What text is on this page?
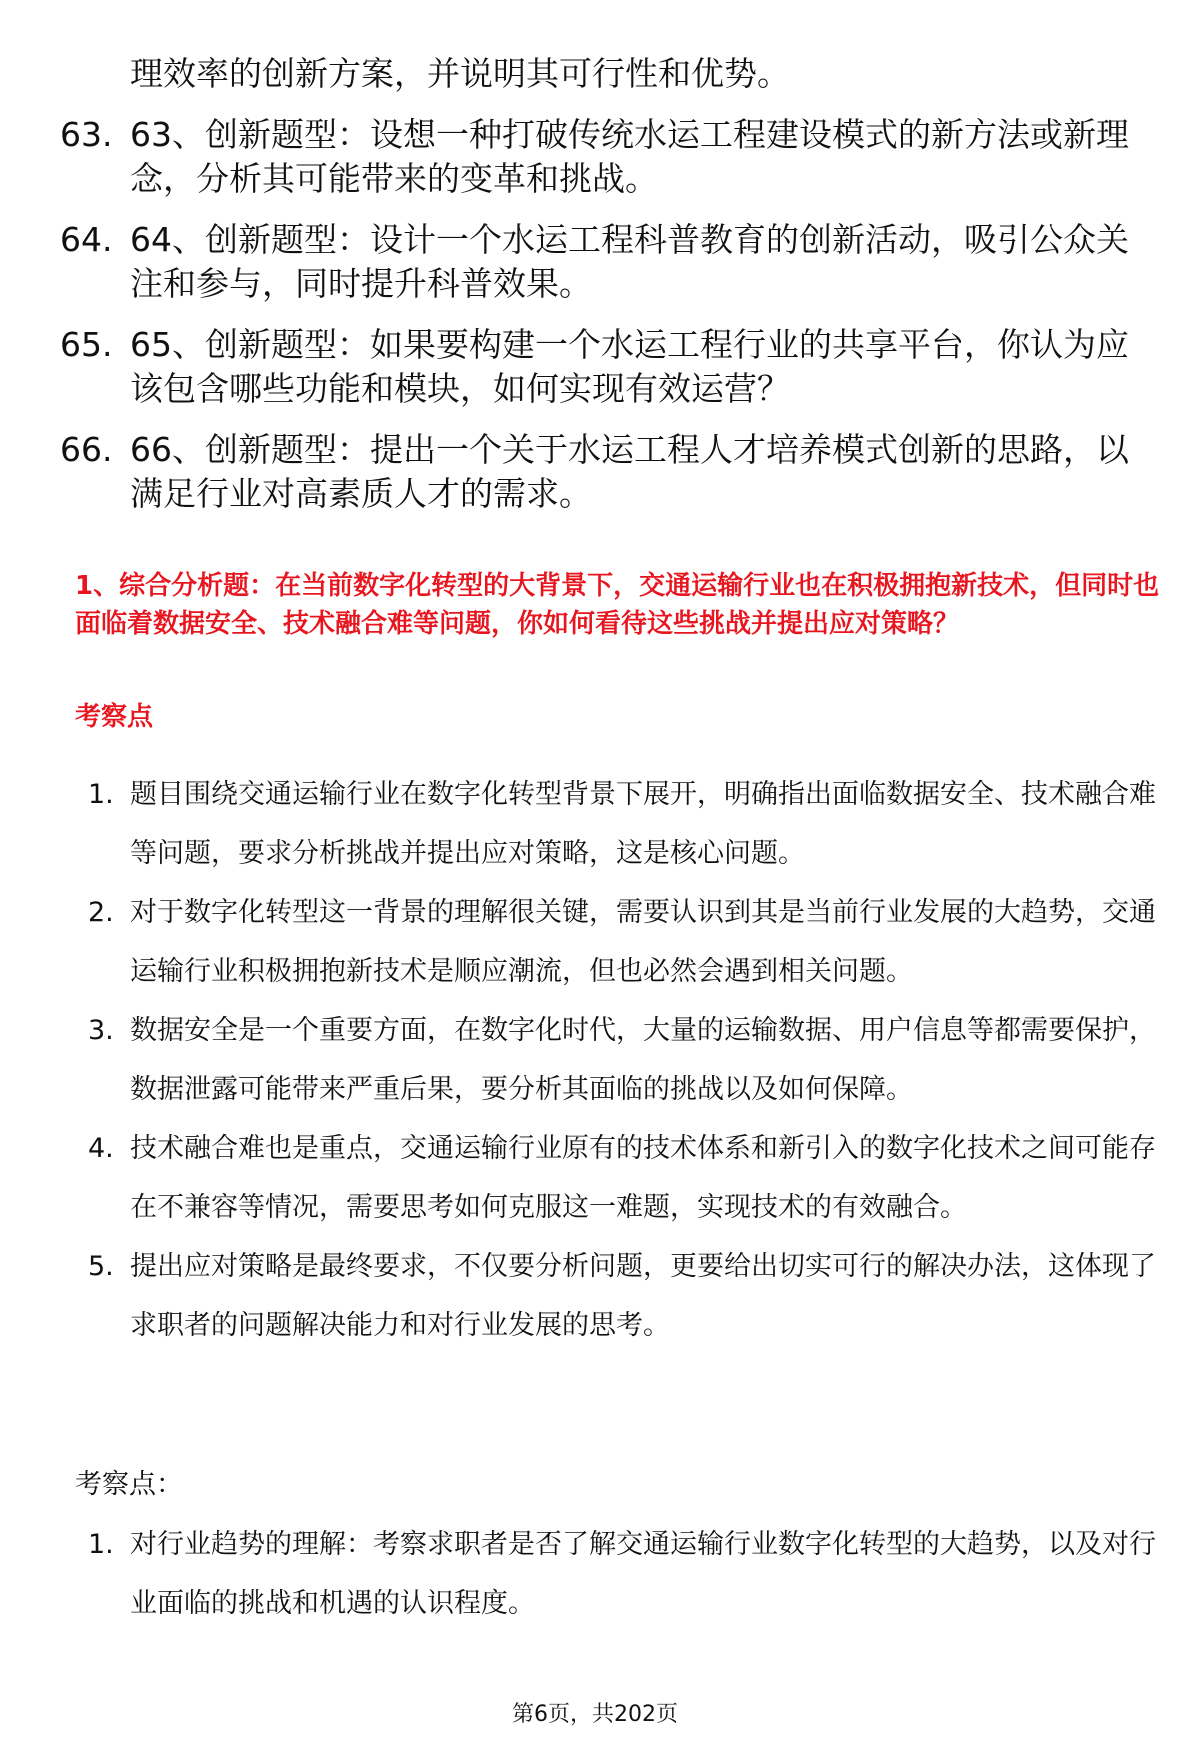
理效率的创新方案，并说明其可行性和优势。
63. 63、创新题型：设想一种打破传统水运工程建设模式的新方法或新理念，分析其可能带来的变革和挑战。
64. 64、创新题型：设计一个水运工程科普教育的创新活动，吸引公众关注和参与，同时提升科普效果。
65. 65、创新题型：如果要构建一个水运工程行业的共享平台，你认为应该包含哪些功能和模块，如何实现有效运营？
66. 66、创新题型：提出一个关于水运工程人才培养模式创新的思路，以满足行业对高素质人才的需求。
1、综合分析题：在当前数字化转型的大背景下，交通运输行业也在积极拥抱新技术，但同时也面临着数据安全、技术融合难等问题，你如何看待这些挑战并提出应对策略？
考察点
1. 题目围绕交通运输行业在数字化转型背景下展开，明确指出面临数据安全、技术融合难等问题，要求分析挑战并提出应对策略，这是核心问题。
2. 对于数字化转型这一背景的理解很关键，需要认识到其是当前行业发展的大趋势，交通运输行业积极拥抱新技术是顺应潮流，但也必然会遇到相关问题。
3. 数据安全是一个重要方面，在数字化时代，大量的运输数据、用户信息等都需要保护，数据泄露可能带来严重后果，要分析其面临的挑战以及如何保障。
4. 技术融合难也是重点，交通运输行业原有的技术体系和新引入的数字化技术之间可能存在不兼容等情况，需要思考如何克服这一难题，实现技术的有效融合。
5. 提出应对策略是最终要求，不仅要分析问题，更要给出切实可行的解决办法，这体现了求职者的问题解决能力和对行业发展的思考。
考察点：
1. 对行业趋势的理解：考察求职者是否了解交通运输行业数字化转型的大趋势，以及对行业面临的挑战和机遇的认识程度。
第6页，共202页
